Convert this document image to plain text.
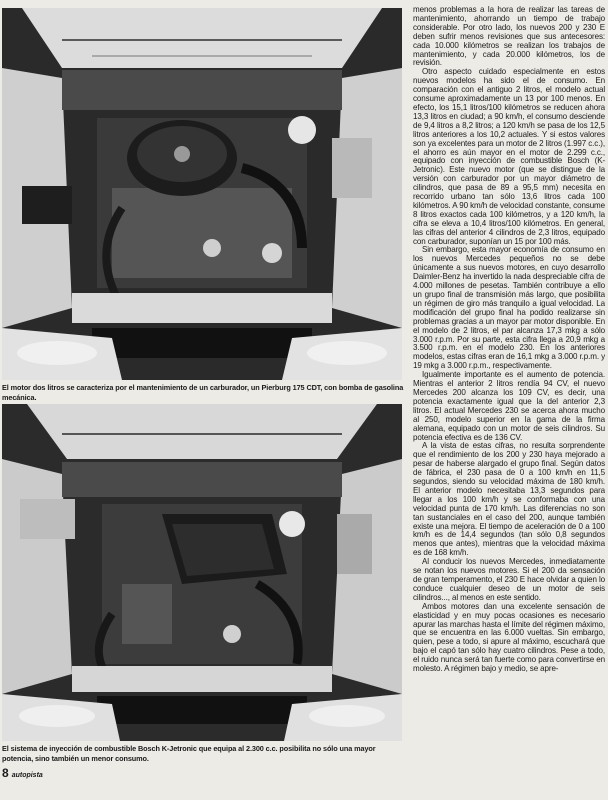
El motor dos litros se caracteriza por el mantenimiento de un carburador, un Pierburg 175 CDT, con bomba de gasolina mecánica.
El sistema de inyección de combustible Bosch K-Jetronic que equipa al 2.300 c.c. posibilita no sólo una mayor potencia, sino también un menor consumo.
8 autopista

menos problemas a la hora de realizar las tareas de mantenimiento, ahorrando un tiempo de trabajo considerable. Por otro lado, los nuevos 200 y 230 E deben sufrir menos revisiones que sus antecesores: cada 10.000 kilómetros se realizan los trabajos de mantenimiento, y cada 20.000 kilómetros, los de revisión.

Otro aspecto cuidado especialmente en estos nuevos modelos ha sido el de consumo. En comparación con el antiguo 2 litros, el modelo actual consume aproximadamente un 13 por 100 menos. En efecto, los 15,1 litros/100 kilómetros se reducen ahora 13,3 litros en ciudad; a 90 km/h, el consumo desciende de 9,4 litros a 8,2 litros; a 120 km/h se pasa de los 12,5 litros anteriores a los 10,2 actuales. Y si estos valores son ya excelentes para un motor de 2 litros (1.997 c.c.), el ahorro es aún mayor en el motor de 2.299 c.c., equipado con inyección de combustible Bosch (K-Jetronic). Este nuevo motor (que se distingue de la versión con carburador por un mayor diámetro de cilindros, que pasa de 89 a 95,5 mm) necesita en recorrido urbano tan sólo 13,6 litros cada 100 kilómetros. A 90 km/h de velocidad constante, consume 8 litros exactos cada 100 kilómetros, y a 120 km/h, la cifra se eleva a 10,4 litros/100 kilómetros. En general, las cifras del anterior 4 cilindros de 2,3 litros, equipado con carburador, suponían un 15 por 100 más.

Sin embargo, esta mayor economía de consumo en los nuevos Mercedes pequeños no se debe únicamente a sus nuevos motores, en cuyo desarrollo Daimler-Benz ha invertido la nada despreciable cifra de 4.000 millones de pesetas. También contribuye a ello un grupo final de transmisión más largo, que posibilita un régimen de giro más tranquilo a igual velocidad. La modificación del grupo final ha podido realizarse sin problemas gracias a un mayor par motor disponible. En el modelo de 2 litros, el par alcanza 17,3 mkg a sólo 3.000 r.p.m. Por su parte, esta cifra llega a 20,9 mkg a 3.500 r.p.m. en el modelo 230. En los anteriores modelos, estas cifras eran de 16,1 mkg a 3.000 r.p.m. y 19 mkg a 3.000 r.p.m., respectivamente.

Igualmente importante es el aumento de potencia. Mientras el anterior 2 litros rendía 94 CV, el nuevo Mercedes 200 alcanza los 109 CV, es decir, una potencia exactamente igual que la del anterior 2,3 litros. El actual Mercedes 230 se acerca ahora mucho al 250, modelo superior en la gama de la firma alemana, equipado con un motor de seis cilindros. Su potencia efectiva es de 136 CV.

A la vista de estas cifras, no resulta sorprendente que el rendimiento de los 200 y 230 haya mejorado a pesar de haberse alargado el grupo final. Según datos de fábrica, el 230 pasa de 0 a 100 km/h en 11,5 segundos, siendo su velocidad máxima de 180 km/h. El anterior modelo necesitaba 13,3 segundos para llegar a los 100 km/h y se conformaba con una velocidad punta de 170 km/h. Las diferencias no son tan sustanciales en el caso del 200, aunque también existe una mejora. El tiempo de aceleración de 0 a 100 km/h es de 14,4 segundos (tan sólo 0,8 segundos menos que antes), mientras que la velocidad máxima es de 168 km/h.

Al conducir los nuevos Mercedes, inmediatamente se notan los nuevos motores. Si el 200 da sensación de gran temperamento, el 230 E hace olvidar a quien lo conduce cualquier deseo de un motor de seis cilindros..., al menos en este sentido.

Ambos motores dan una excelente sensación de elasticidad y en muy pocas ocasiones es necesario apurar las marchas hasta el límite del régimen máximo, que se encuentra en las 6.000 vueltas. Sin embargo, quien, pese a todo, si apure al máximo, escuchará que bajo el capó tan sólo hay cuatro cilindros. Pese a todo, el ruido nunca será tan fuerte como para convertirse en molesto. A régimen bajo y medio, se apre-
